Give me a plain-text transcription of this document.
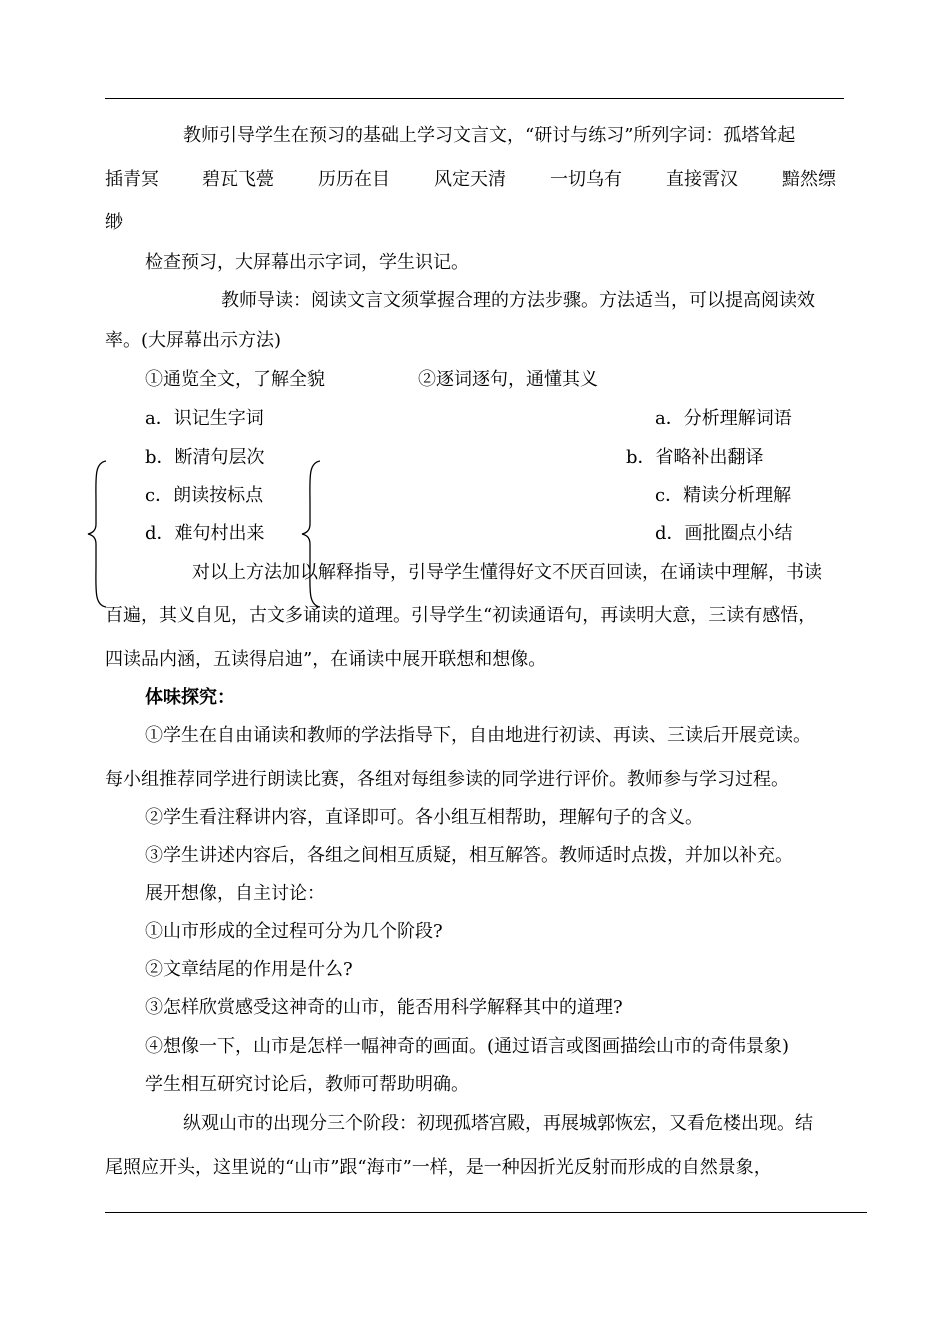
教师引导学生在预习的基础上学习文言文，“研讨与练习”所列字词：孤塔耸起
插青冥 碧瓦飞甍 历历在目 风定天清 一切乌有 直接霄汉 黯然缥
缈
检查预习，大屏幕出示字词，学生识记。
教师导读：阅读文言文须掌握合理的方法步骤。方法适当，可以提高阅读效
率。(大屏幕出示方法)
①通览全文，了解全貌	②逐词逐句，通懂其义
a．识记生字词
b．断清句层次
c．朗读按标点
d．难句村出来
a．分析理解词语
b．省略补出翻译
c．精读分析理解
d．画批圈点小结
对以上方法加以解释指导，引导学生懂得好文不厌百回读，在诵读中理解，书读
百遍，其义自见，古文多诵读的道理。引导学生“初读通语句，再读明大意，三读有感悟，
四读品内涵，五读得启迪”，在诵读中展开联想和想像。
体味探究：
①学生在自由诵读和教师的学法指导下，自由地进行初读、再读、三读后开展竞读。
每小组推荐同学进行朗读比赛，各组对每组参读的同学进行评价。教师参与学习过程。
②学生看注释讲内容，直译即可。各小组互相帮助，理解句子的含义。
③学生讲述内容后，各组之间相互质疑，相互解答。教师适时点拨，并加以补充。
展开想像，自主讨论：
①山市形成的全过程可分为几个阶段?
②文章结尾的作用是什么?
③怎样欣赏感受这神奇的山市，能否用科学解释其中的道理?
④想像一下，山市是怎样一幅神奇的画面。(通过语言或图画描绘山市的奇伟景象)
学生相互研究讨论后，教师可帮助明确。
纵观山市的出现分三个阶段：初现孤塔宫殿，再展城郭恢宏，又看危楼出现。结
尾照应开头，这里说的“山市”跟“海市”一样，是一种因折光反射而形成的自然景象，
